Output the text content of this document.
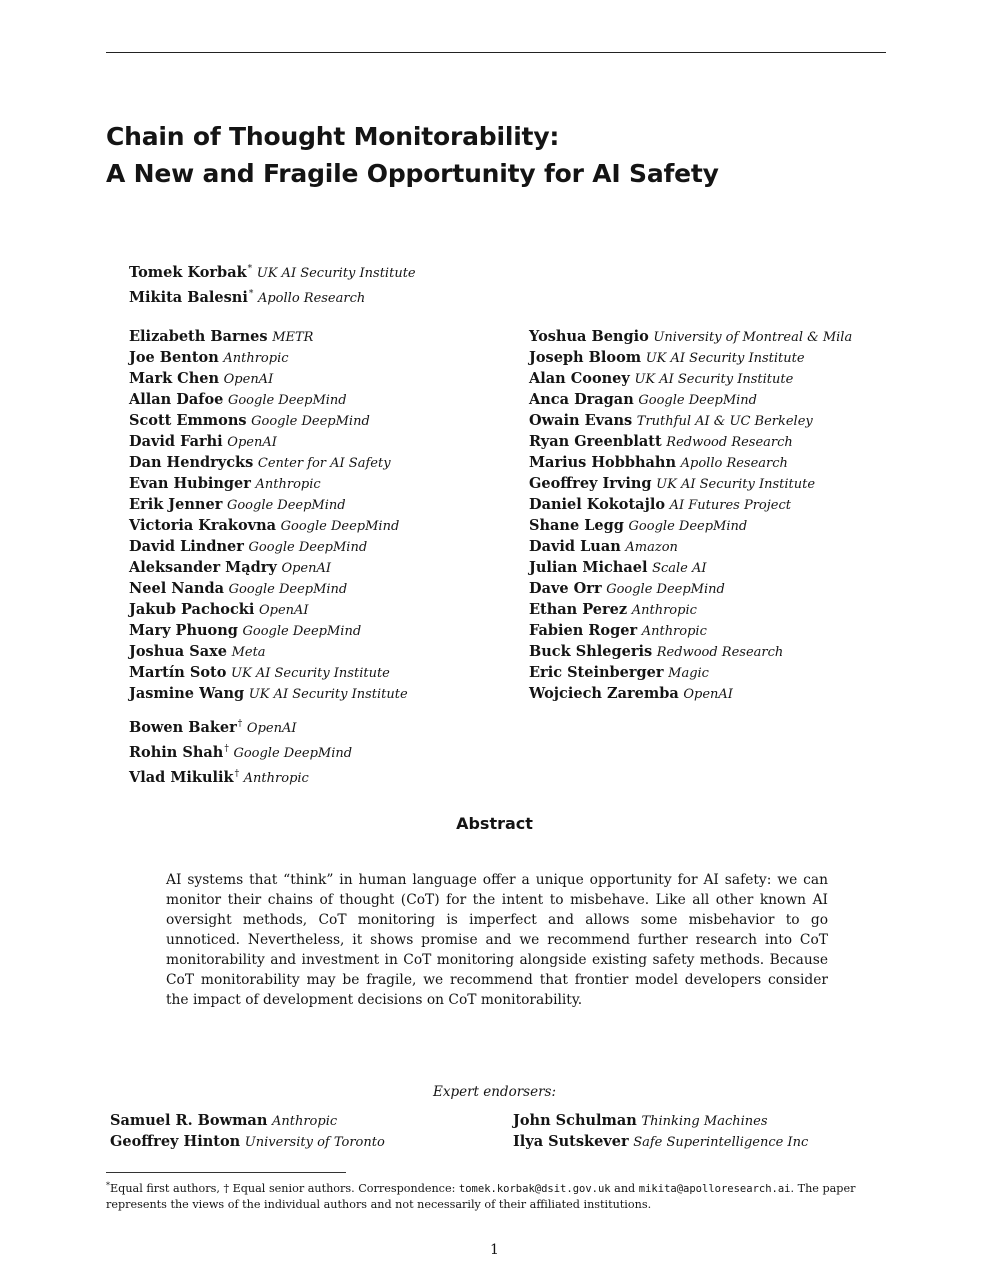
Chain of Thought Monitorability:
A New and Fragile Opportunity for AI Safety
Tomek Korbak* UK AI Security Institute
Mikita Balesni* Apollo Research
Elizabeth Barnes METR
Joe Benton Anthropic
Mark Chen OpenAI
Allan Dafoe Google DeepMind
Scott Emmons Google DeepMind
David Farhi OpenAI
Dan Hendrycks Center for AI Safety
Evan Hubinger Anthropic
Erik Jenner Google DeepMind
Victoria Krakovna Google DeepMind
David Lindner Google DeepMind
Aleksander Mądry OpenAI
Neel Nanda Google DeepMind
Jakub Pachocki OpenAI
Mary Phuong Google DeepMind
Joshua Saxe Meta
Martín Soto UK AI Security Institute
Jasmine Wang UK AI Security Institute
Yoshua Bengio University of Montreal & Mila
Joseph Bloom UK AI Security Institute
Alan Cooney UK AI Security Institute
Anca Dragan Google DeepMind
Owain Evans Truthful AI & UC Berkeley
Ryan Greenblatt Redwood Research
Marius Hobbhahn Apollo Research
Geoffrey Irving UK AI Security Institute
Daniel Kokotajlo AI Futures Project
Shane Legg Google DeepMind
David Luan Amazon
Julian Michael Scale AI
Dave Orr Google DeepMind
Ethan Perez Anthropic
Fabien Roger Anthropic
Buck Shlegeris Redwood Research
Eric Steinberger Magic
Wojciech Zaremba OpenAI
Bowen Baker† OpenAI
Rohin Shah† Google DeepMind
Vlad Mikulik† Anthropic
Abstract

AI systems that “think” in human language offer a unique opportunity for AI safety: we can monitor their chains of thought (CoT) for the intent to misbehave. Like all other known AI oversight methods, CoT monitoring is imperfect and allows some misbehavior to go unnoticed. Nevertheless, it shows promise and we recommend further research into CoT monitorability and investment in CoT monitoring alongside existing safety methods. Because CoT monitorability may be fragile, we recommend that frontier model developers consider the impact of development decisions on CoT monitorability.

Expert endorsers:
Samuel R. Bowman Anthropic
Geoffrey Hinton University of Toronto
John Schulman Thinking Machines
Ilya Sutskever Safe Superintelligence Inc

*Equal first authors, † Equal senior authors. Correspondence: tomek.korbak@dsit.gov.uk and mikita@apolloresearch.ai. The paper represents the views of the individual authors and not necessarily of their affiliated institutions.

1
